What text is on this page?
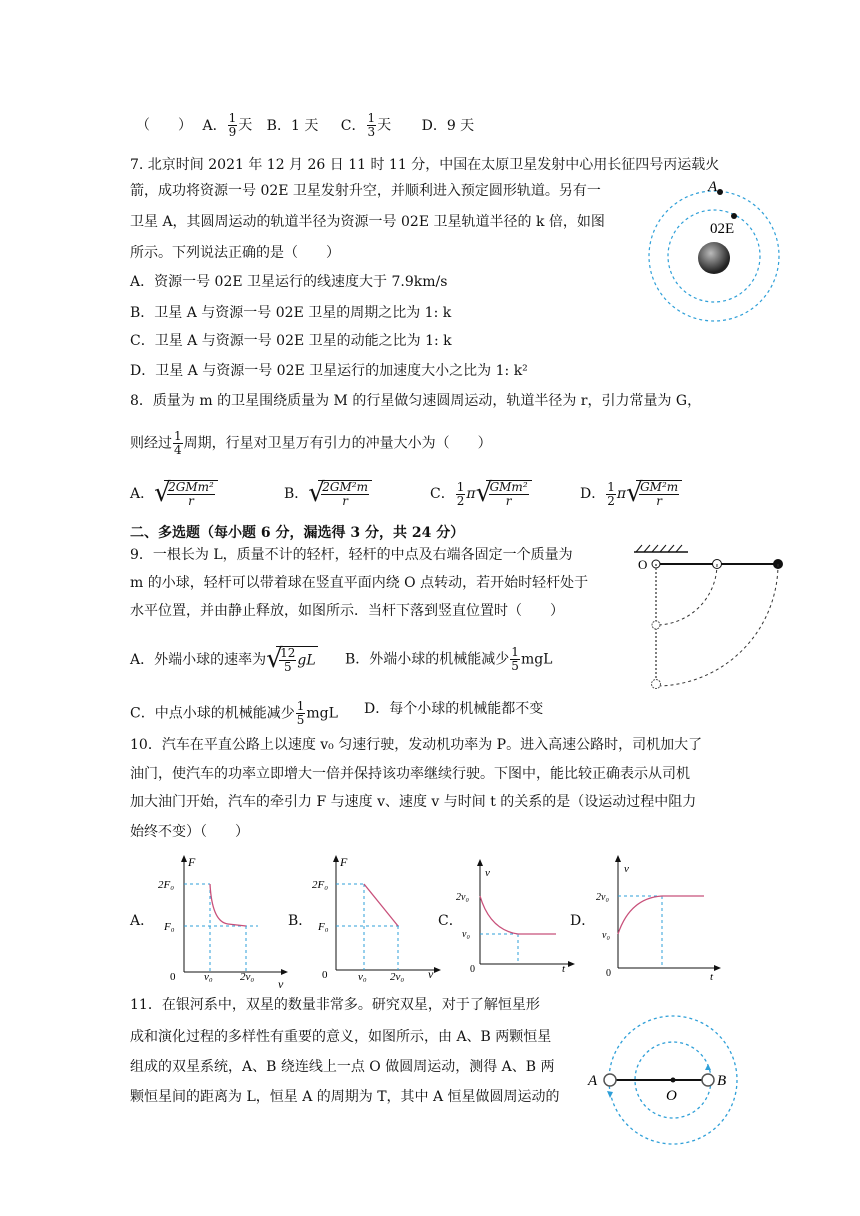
（　　） A． $\frac{1}{9}$ 天 B．1 天 C． $\frac{1}{3}$ 天 D．9 天
7. 北京时间 2021 年 12 月 26 日 11 时 11 分，中国在太原卫星发射中心用长征四号丙运载火
箭，成功将资源一号 02E 卫星发射升空，并顺利进入预定圆形轨道。另有一
卫星 A，其圆周运动的轨道半径为资源一号 02E 卫星轨道半径的 k 倍，如图
所示。下列说法正确的是（　　）
A．资源一号 02E 卫星运行的线速度大于 7.9km/s
B．卫星 A 与资源一号 02E 卫星的周期之比为 1: k
C．卫星 A 与资源一号 02E 卫星的动能之比为 1: k
D．卫星 A 与资源一号 02E 卫星运行的加速度大小之比为 1: k²
A
02E
8．质量为 m 的卫星围绕质量为 M 的行星做匀速圆周运动，轨道半径为 r，引力常量为 G，
则经过 $\frac{1}{4}$ 周期，行星对卫星万有引力的冲量大小为（　　）
A． √
$\frac{\text{2GMm²}}{r}$	B． √
$\frac{\text{2GM²m}}{r}$	C． $\frac{1}{2}$ π √
$\frac{\text{GMm²}}{r}$	D． $\frac{1}{2}$ π √
$\frac{\text{GM²m}}{r}$
二、多选题（每小题 6 分，漏选得 3 分，共 24 分）
9．一根长为 L，质量不计的轻杆，轻杆的中点及右端各固定一个质量为
m 的小球，轻杆可以带着球在竖直平面内绕 O 点转动，若开始时轻杆处于
水平位置，并由静止释放，如图所示．当杆下落到竖直位置时（　　）
A．外端小球的速率为 √
$\frac{12}{5}$ gL B．外端小球的机械能减少 $\frac{1}{5}$ mgL
C．中点小球的机械能减少 $\frac{1}{5}$ mgL D．每个小球的机械能都不变
O
10．汽车在平直公路上以速度 v₀ 匀速行驶，发动机功率为 P。进入高速公路时，司机加大了
油门，使汽车的功率立即增大一倍并保持该功率继续行驶。下图中，能比较正确表示从司机
加大油门开始，汽车的牵引力 F 与速度 v、速度 v 与时间 t 的关系的是（设运动过程中阻力
始终不变）（　　）
A．
F
v
2F₀
F₀
0	v₀ 2v₀
B．
F
v
2F₀
F₀
0	v₀ 2v₀
C．
v
t
2v₀
v₀
0
D．
v
t
2v₀
v₀
0
11．在银河系中，双星的数量非常多。研究双星，对于了解恒星形
成和演化过程的多样性有重要的意义，如图所示，由 A、B 两颗恒星
组成的双星系统，A、B 绕连线上一点 O 做圆周运动，测得 A、B 两
颗恒星间的距离为 L，恒星 A 的周期为 T，其中 A 恒星做圆周运动的
A	B
O
